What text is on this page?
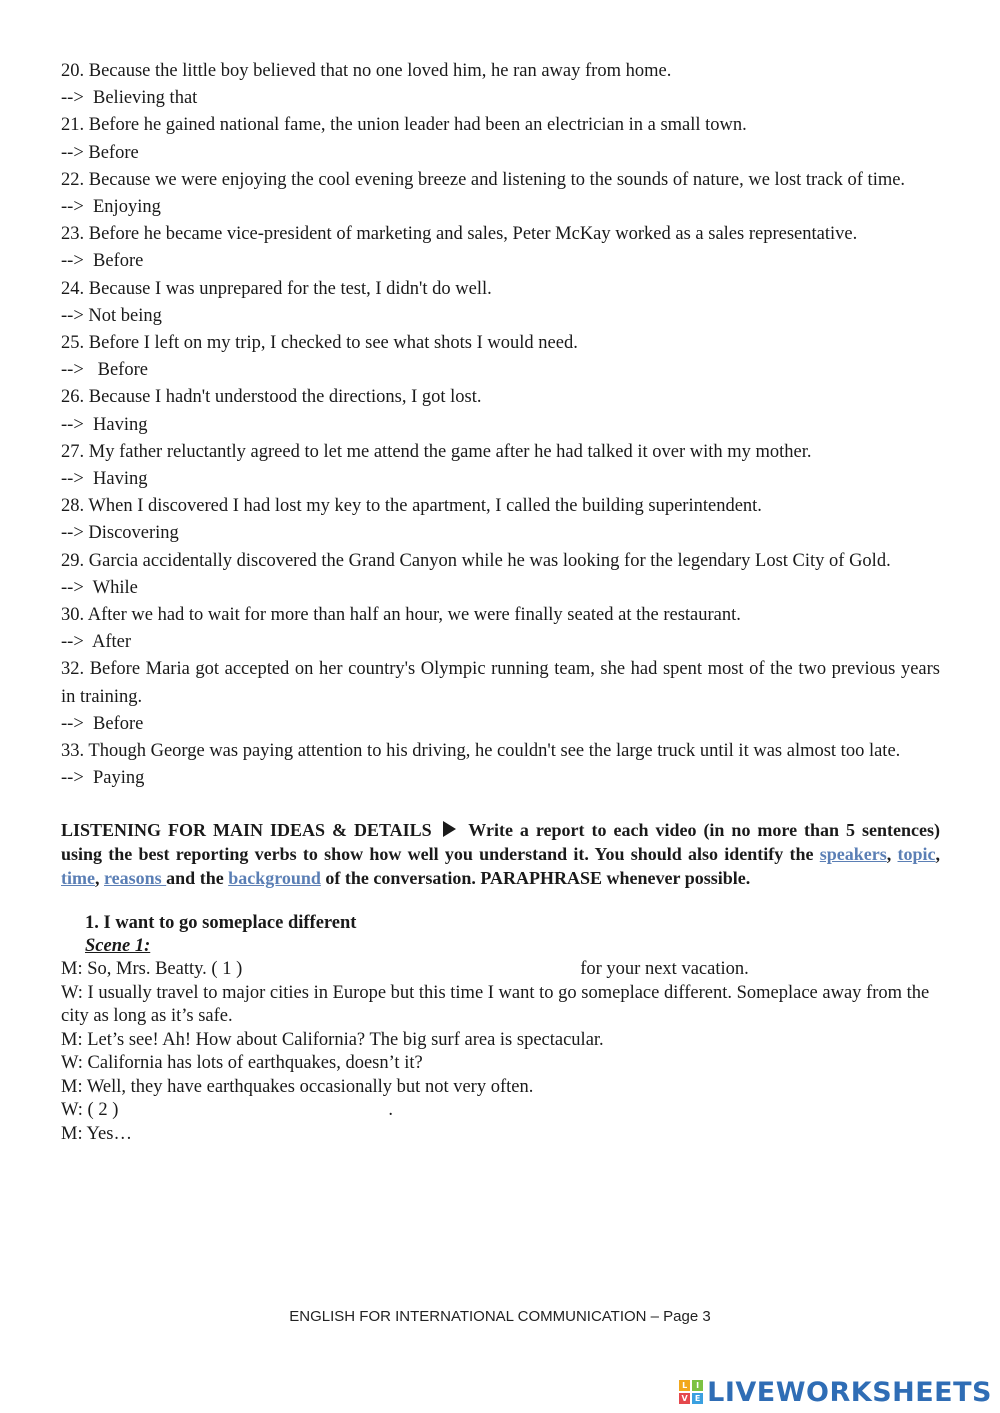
20. Because the little boy believed that no one loved him, he ran away from home.

-->  Believing that

21. Before he gained national fame, the union leader had been an electrician in a small town.

--> Before

22. Because we were enjoying the cool evening breeze and listening to the sounds of nature, we lost track of time.

-->  Enjoying

23. Before he became vice-president of marketing and sales, Peter McKay worked as a sales representative.

-->  Before

24. Because I was unprepared for the test, I didn't do well.

--> Not being

25. Before I left on my trip, I checked to see what shots I would need.

-->   Before

26. Because I hadn't understood the directions, I got lost.

-->  Having

27. My father reluctantly agreed to let me attend the game after he had talked it over with my mother.

-->  Having

28. When I discovered I had lost my key to the apartment, I called the building superintendent.

--> Discovering

29. Garcia accidentally discovered the Grand Canyon while he was looking for the legendary Lost City of Gold.

-->  While

30. After we had to wait for more than half an hour, we were finally seated at the restaurant.

-->  After

32. Before Maria got accepted on her country's Olympic running team, she had spent most of the two previous years in training.

-->  Before

33. Though George was paying attention to his driving, he couldn't see the large truck until it was almost too late.

-->  Paying

LISTENING FOR MAIN IDEAS & DETAILS Write a report to each video (in no more than 5 sentences) using the best reporting verbs to show how well you understand it. You should also identify the speakers, topic, time, reasons and the background of the conversation. PARAPHRASE whenever possible.
1. I want to go someplace different
Scene 1:

M: So, Mrs. Beatty. ( 1 )	for your next vacation.

W: I usually travel to major cities in Europe but this time I want to go someplace different. Someplace away from the city as long as it’s safe.

M: Let’s see! Ah! How about California? The big surf area is spectacular.

W: California has lots of earthquakes, doesn’t it?

M: Well, they have earthquakes occasionally but not very often.

W: ( 2 )	.

M: Yes…

ENGLISH FOR INTERNATIONAL COMMUNICATION – Page 3
L	I
V E LIVEWORKSHEETS
